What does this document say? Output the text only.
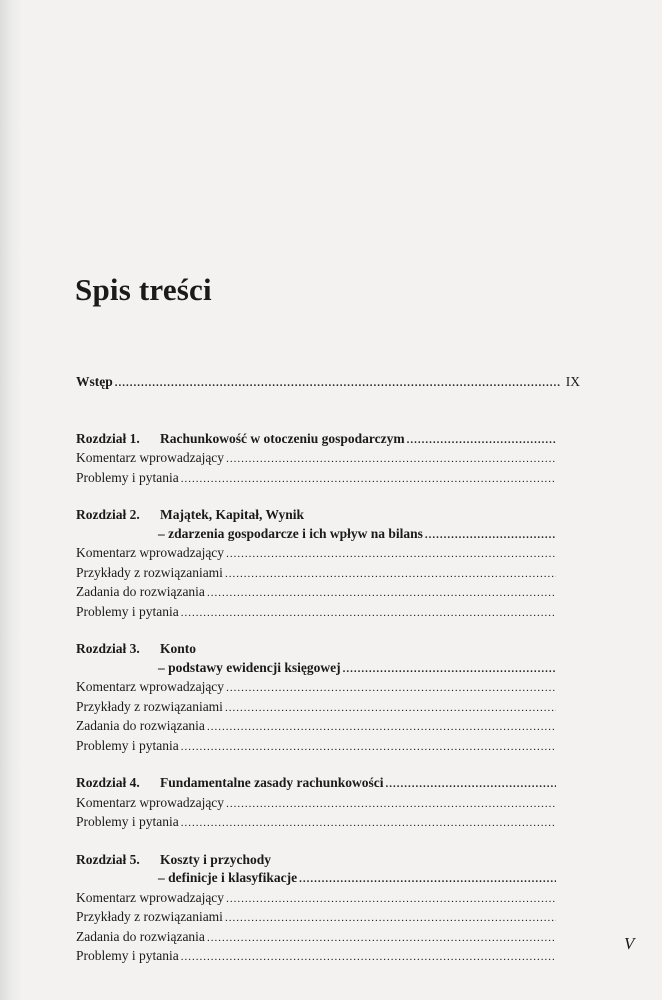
Spis treści
Wstęp
.....	IX
Rozdział 1.	Rachunkowość w otoczeniu gospodarczym
.....
Komentarz wprowadzający
.....
Problemy i pytania
.....
Rozdział 2.	Majątek, Kapitał, Wynik
– zdarzenia gospodarcze i ich wpływ na bilans
.....
Komentarz wprowadzający
.....
Przykłady z rozwiązaniami
.....
Zadania do rozwiązania
.....
Problemy i pytania
.....
Rozdział 3.	Konto
– podstawy ewidencji księgowej
.....
Komentarz wprowadzający
.....
Przykłady z rozwiązaniami
.....
Zadania do rozwiązania
.....
Problemy i pytania
.....
Rozdział 4.	Fundamentalne zasady rachunkowości
.....
Komentarz wprowadzający
.....
Problemy i pytania
.....
Rozdział 5.	Koszty i przychody
– definicje i klasyfikacje
.....
Komentarz wprowadzający
.....
Przykłady z rozwiązaniami
.....
Zadania do rozwiązania
.....
Problemy i pytania
.....
V
